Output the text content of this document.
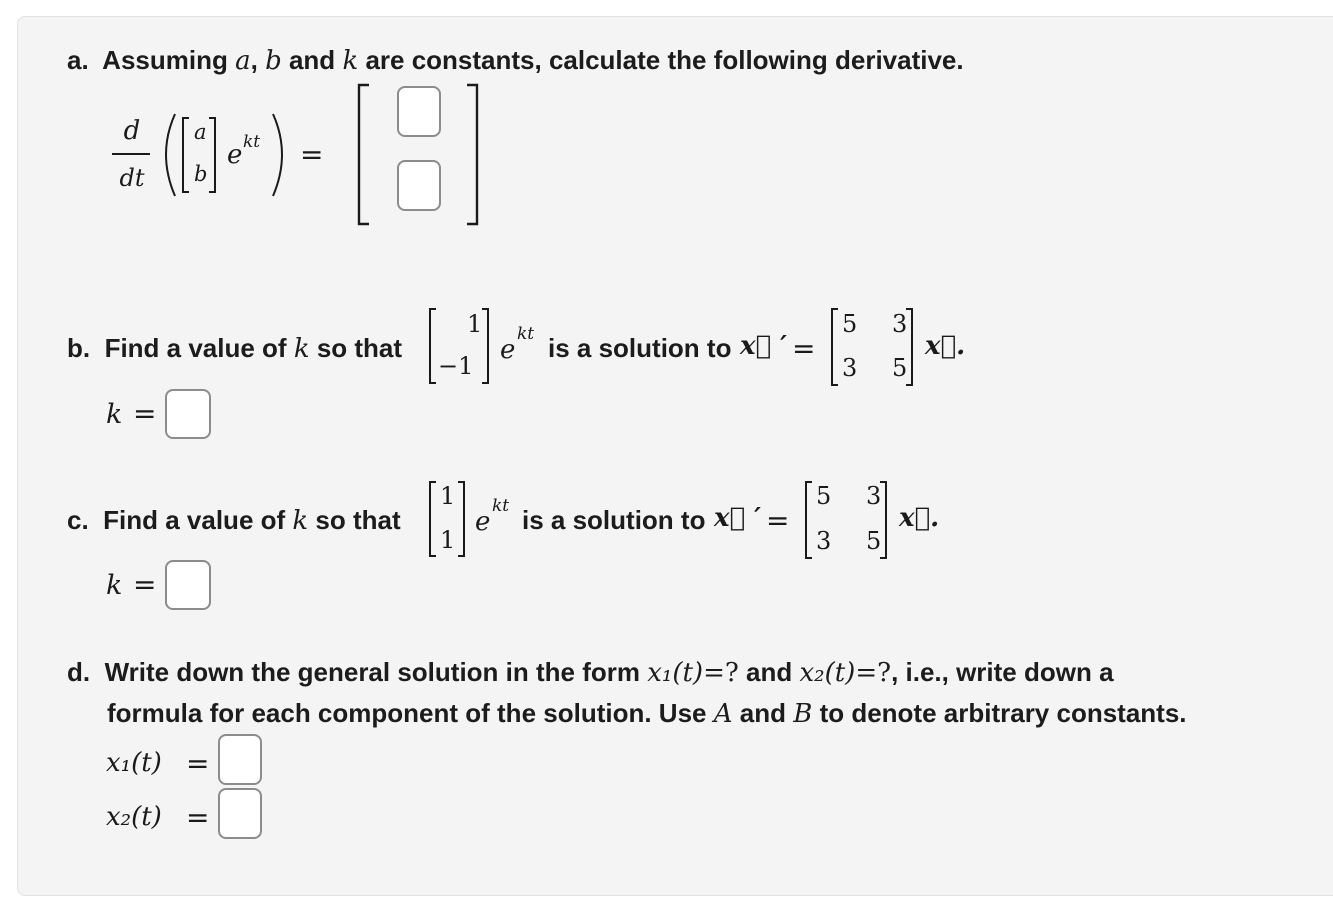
a. Assuming a, b and k are constants, calculate the following derivative.
d
dt
a
b
e kt =
b. Find a value of k so that
1
−1
e
kt is a solution to x⃗ ′ =
5 3
3 5
x⃗.
k =
c. Find a value of k so that
1
1
e
kt is a solution to x⃗ ′ =
5 3
3 5
x⃗.
k =
d. Write down the general solution in the form x₁(t)=? and x₂(t)=?, i.e., write down a
formula for each component of the solution. Use A and B to denote arbitrary constants.
x₁(t) =
x₂(t) =
